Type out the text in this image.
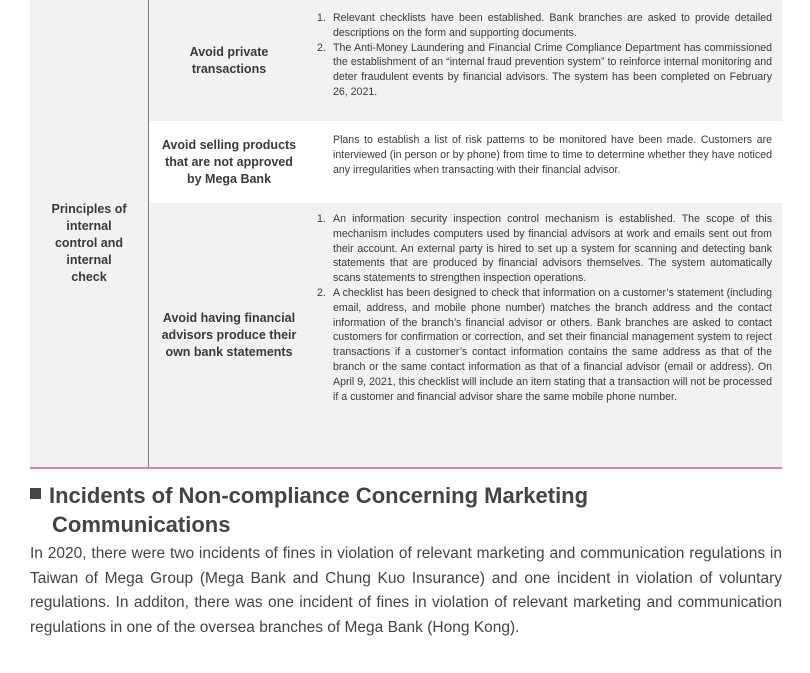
Principles of internal control and internal check
Avoid private transactions
1. Relevant checklists have been established. Bank branches are asked to provide detailed descriptions on the form and supporting documents.
2. The Anti-Money Laundering and Financial Crime Compliance Department has commissioned the establishment of an “internal fraud prevention system” to reinforce internal monitoring and deter fraudulent events by financial advisors. The system has been completed on February 26, 2021.
Avoid selling products that are not approved by Mega Bank
Plans to establish a list of risk patterns to be monitored have been made. Customers are interviewed (in person or by phone) from time to time to determine whether they have noticed any irregularities when transacting with their financial advisor.
Avoid having financial advisors produce their own bank statements
1. An information security inspection control mechanism is established. The scope of this mechanism includes computers used by financial advisors at work and emails sent out from their account. An external party is hired to set up a system for scanning and detecting bank statements that are produced by financial advisors themselves. The system automatically scans statements to strengthen inspection operations.
2. A checklist has been designed to check that information on a customer’s statement (including email, address, and mobile phone number) matches the branch address and the contact information of the branch’s financial advisor or others. Bank branches are asked to contact customers for confirmation or correction, and set their financial management system to reject transactions if a customer’s contact information contains the same address as that of the branch or the same contact information as that of a financial advisor (email or address). On April 9, 2021, this checklist will include an item stating that a transaction will not be processed if a customer and financial advisor share the same mobile phone number.
Incidents of Non-compliance Concerning Marketing
Communications
In 2020, there were two incidents of fines in violation of relevant marketing and communication regulations in Taiwan of Mega Group (Mega Bank and Chung Kuo Insurance) and one incident in violation of voluntary regulations. In additon, there was one incident of fines in violation of relevant marketing and communication regulations in one of the oversea branches of Mega Bank (Hong Kong).
